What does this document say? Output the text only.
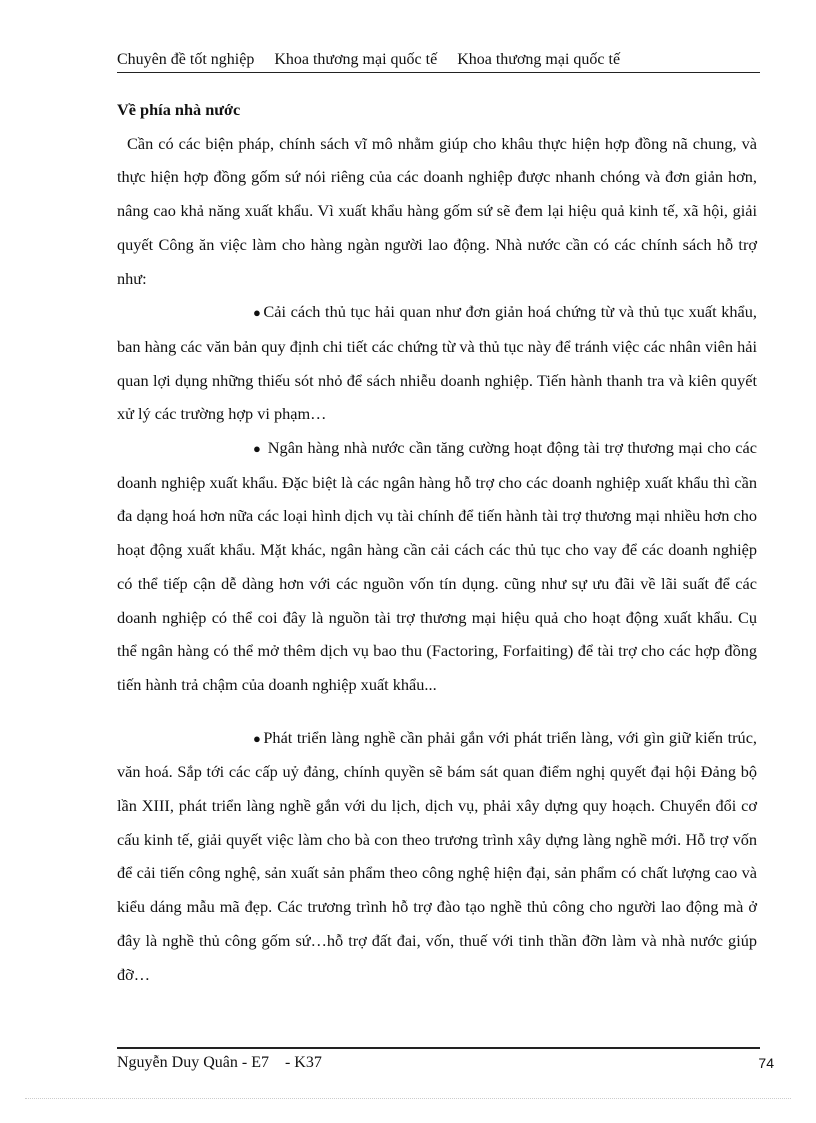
Chuyên đề tốt nghiệp     Khoa thương mại quốc tế     Khoa thương mại quốc tế

Về phía nhà nước

Cần có các biện pháp, chính sách vĩ mô nhằm giúp cho khâu thực hiện hợp đồng nã chung, và thực hiện hợp đồng gốm sứ nói riêng của các doanh nghiệp được nhanh chóng và đơn giản hơn, nâng cao khả năng xuất khẩu. Vì xuất khẩu hàng gốm sứ sẽ đem lại hiệu quả kinh tế, xã hội, giải quyết Công ăn việc làm cho hàng ngàn người lao động. Nhà nước cần có các chính sách hỗ trợ như:

● Cải cách thủ tục hải quan như đơn giản hoá chứng từ và thủ tục xuất khẩu, ban hàng các văn bản quy định chi tiết các chứng từ và thủ tục này để tránh việc các nhân viên hải quan lợi dụng những thiếu sót nhỏ để sách nhiễu doanh nghiệp. Tiến hành thanh tra và kiên quyết xử lý các trường hợp vi phạm…

● Ngân hàng nhà nước cần tăng cường hoạt động tài trợ thương mại cho các doanh nghiệp xuất khẩu. Đặc biệt là các ngân hàng hỗ trợ cho các doanh nghiệp xuất khẩu thì cần đa dạng hoá hơn nữa các loại hình dịch vụ tài chính để tiến hành tài trợ thương mại nhiều hơn cho hoạt động xuất khẩu. Mặt khác, ngân hàng cần cải cách các thủ tục cho vay để các doanh nghiệp có thể tiếp cận dễ dàng hơn với các nguồn vốn tín dụng. cũng như sự ưu đãi về lãi suất để các doanh nghiệp có thể coi đây là nguồn tài trợ thương mại hiệu quả cho hoạt động xuất khẩu. Cụ thể ngân hàng có thể mở thêm dịch vụ bao thu (Factoring, Forfaiting) để tài trợ cho các hợp đồng tiến hành trả chậm của doanh nghiệp xuất khẩu...

● Phát triển làng nghề cần phải gắn với phát triển làng, với gìn giữ kiến trúc, văn hoá. Sắp tới các cấp uỷ đảng, chính quyền sẽ bám sát quan điểm nghị quyết đại hội Đảng bộ lần XIII, phát triển làng nghề gắn với du lịch, dịch vụ, phải xây dựng quy hoạch. Chuyển đổi cơ cấu kinh tế, giải quyết việc làm cho bà con theo trương trình xây dựng làng nghề mới. Hỗ trợ vốn để cải tiến công nghệ, sản xuất sản phẩm theo công nghệ hiện đại, sản phẩm có chất lượng cao và kiểu dáng mẫu mã đẹp. Các trương trình hỗ trợ đào tạo nghề thủ công cho người lao động mà ở đây là nghề thủ công gốm sứ…hỗ trợ đất đai, vốn, thuế với tinh thần đỡn làm và nhà nước giúp đỡ…

Nguyễn Duy Quân - E7    - K37	74
